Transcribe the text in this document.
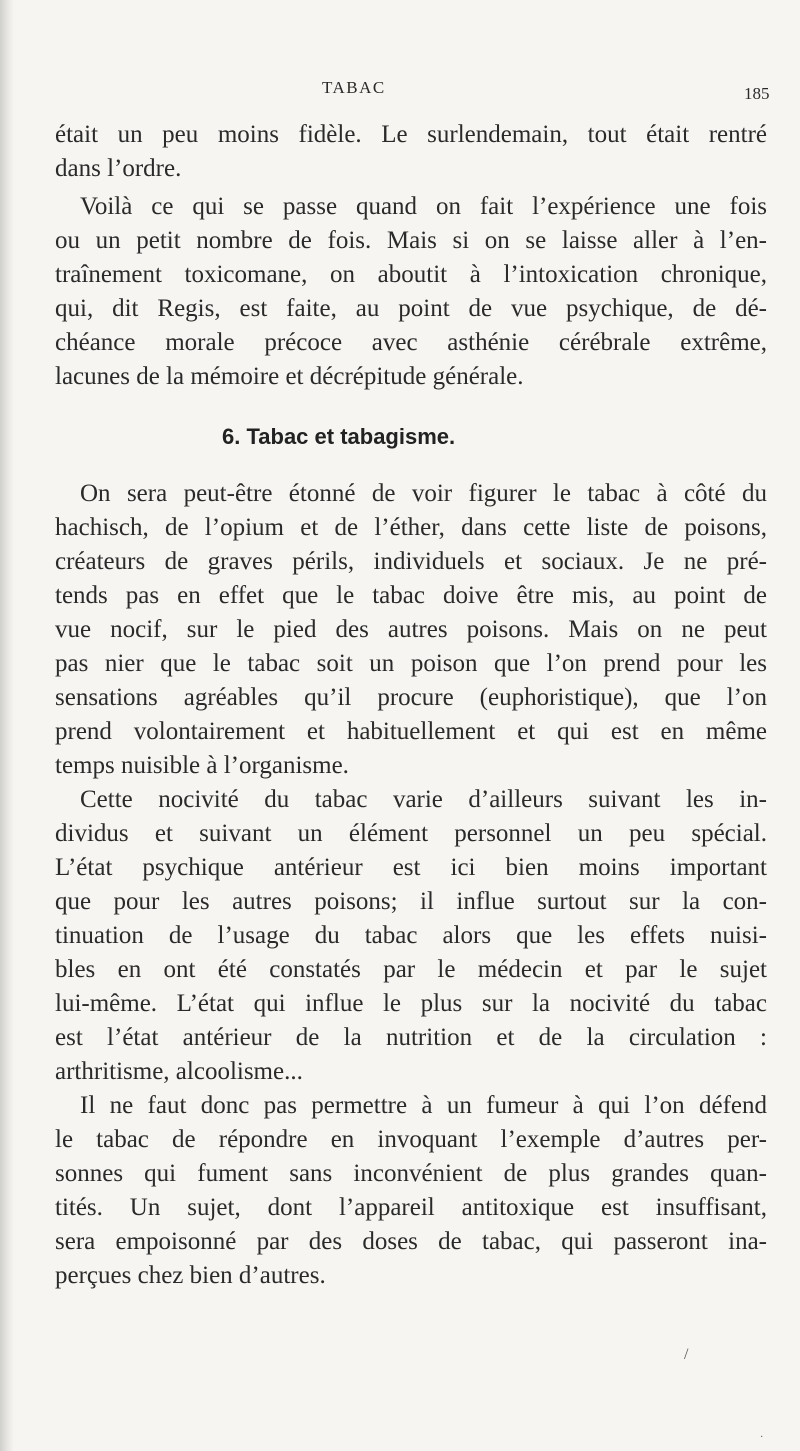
TABAC	185
était un peu moins fidèle. Le surlendemain, tout était rentré
dans l’ordre.
Voilà ce qui se passe quand on fait l’expérience une fois
ou un petit nombre de fois. Mais si on se laisse aller à l’en-
traînement toxicomane, on aboutit à l’intoxication chronique,
qui, dit Regis, est faite, au point de vue psychique, de dé-
chéance morale précoce avec asthénie cérébrale extrême,
lacunes de la mémoire et décrépitude générale.
6. Tabac et tabagisme.
On sera peut-être étonné de voir figurer le tabac à côté du
hachisch, de l’opium et de l’éther, dans cette liste de poisons,
créateurs de graves périls, individuels et sociaux. Je ne pré-
tends pas en effet que le tabac doive être mis, au point de
vue nocif, sur le pied des autres poisons. Mais on ne peut
pas nier que le tabac soit un poison que l’on prend pour les
sensations agréables qu’il procure (euphoristique), que l’on
prend volontairement et habituellement et qui est en même
temps nuisible à l’organisme.
Cette nocivité du tabac varie d’ailleurs suivant les in-
dividus et suivant un élément personnel un peu spécial.
L’état psychique antérieur est ici bien moins important
que pour les autres poisons; il influe surtout sur la con-
tinuation de l’usage du tabac alors que les effets nuisi-
bles en ont été constatés par le médecin et par le sujet
lui-même. L’état qui influe le plus sur la nocivité du tabac
est l’état antérieur de la nutrition et de la circulation :
arthritisme, alcoolisme...
Il ne faut donc pas permettre à un fumeur à qui l’on défend
le tabac de répondre en invoquant l’exemple d’autres per-
sonnes qui fument sans inconvénient de plus grandes quan-
tités. Un sujet, dont l’appareil antitoxique est insuffisant,
sera empoisonné par des doses de tabac, qui passeront ina-
perçues chez bien d’autres.
/
·
